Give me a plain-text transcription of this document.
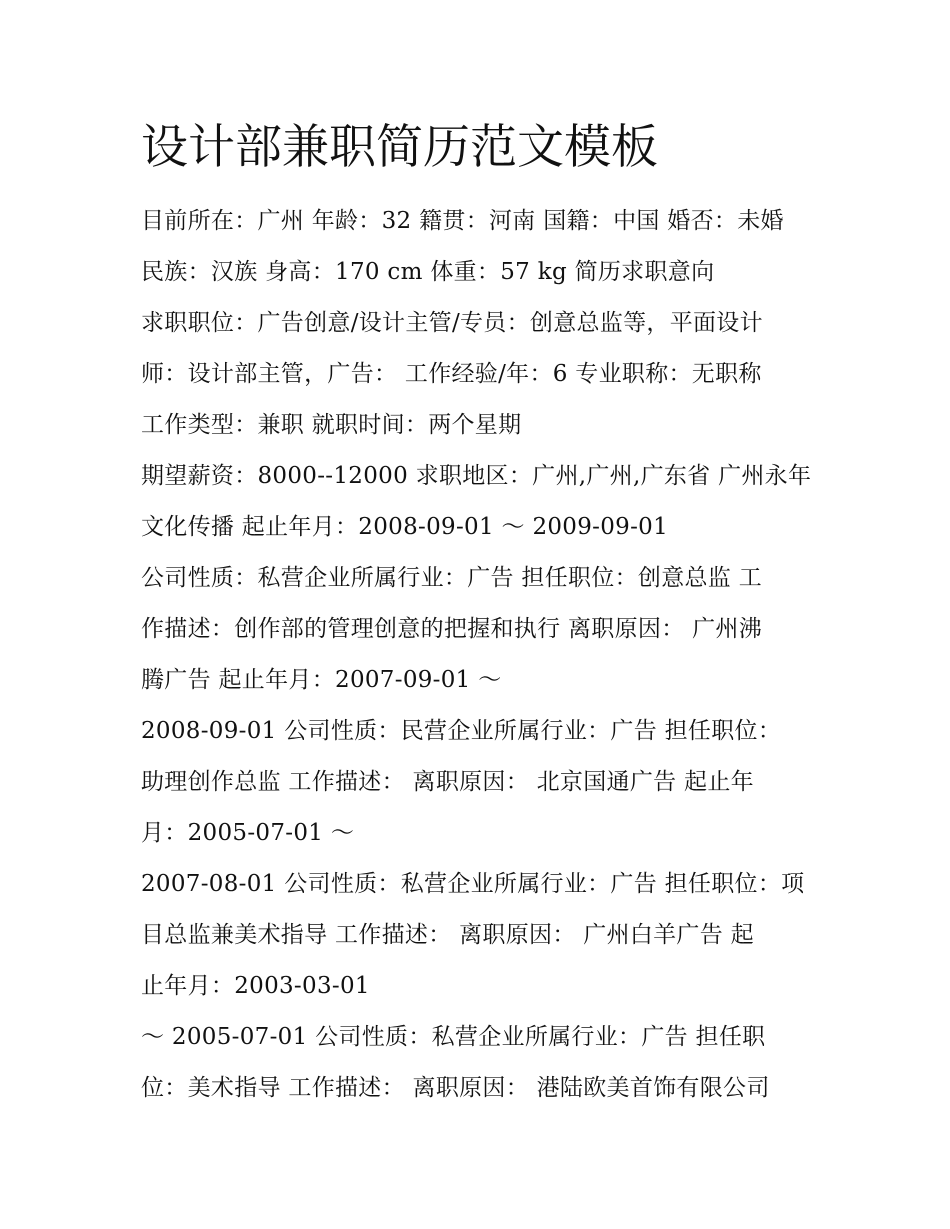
设计部兼职简历范文模板
目前所在：广州 年龄：32 籍贯：河南 国籍：中国 婚否：未婚
民族：汉族 身高：170 cm 体重：57 kg 简历求职意向
求职职位：广告创意/设计主管/专员：创意总监等，平面设计
师：设计部主管，广告： 工作经验/年：6 专业职称：无职称
工作类型：兼职 就职时间：两个星期
期望薪资：8000--12000 求职地区：广州,广州,广东省 广州永年
文化传播 起止年月：2008-09-01 ～ 2009-09-01
公司性质：私营企业所属行业：广告 担任职位：创意总监 工
作描述：创作部的管理创意的把握和执行 离职原因： 广州沸
腾广告 起止年月：2007-09-01 ～
2008-09-01 公司性质：民营企业所属行业：广告 担任职位：
助理创作总监 工作描述： 离职原因： 北京国通广告 起止年
月：2005-07-01 ～
2007-08-01 公司性质：私营企业所属行业：广告 担任职位：项
目总监兼美术指导 工作描述： 离职原因： 广州白羊广告 起
止年月：2003-03-01
～ 2005-07-01 公司性质：私营企业所属行业：广告 担任职
位：美术指导 工作描述： 离职原因： 港陆欧美首饰有限公司
